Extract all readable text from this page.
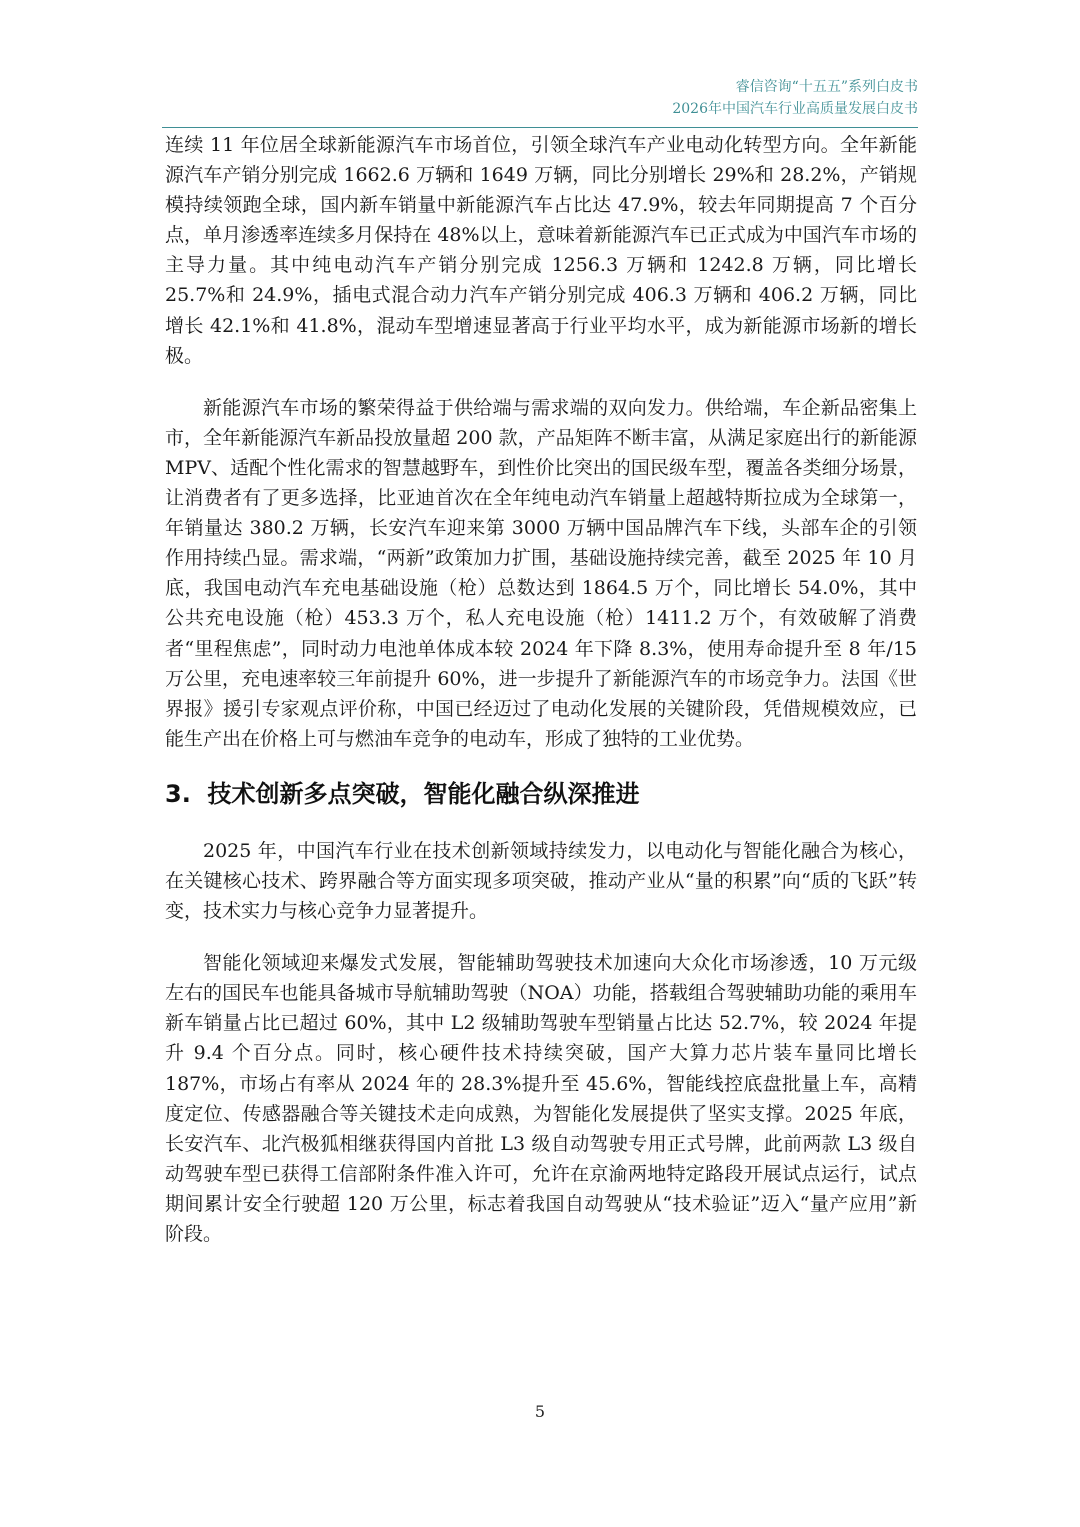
睿信咨询“十五五”系列白皮书
2026年中国汽车行业高质量发展白皮书

连续 11 年位居全球新能源汽车市场首位，引领全球汽车产业电动化转型方向。全年新能源汽车产销分别完成 1662.6 万辆和 1649 万辆，同比分别增长 29%和 28.2%，产销规模持续领跑全球，国内新车销量中新能源汽车占比达 47.9%，较去年同期提高 7 个百分点，单月渗透率连续多月保持在 48%以上，意味着新能源汽车已正式成为中国汽车市场的主导力量。其中纯电动汽车产销分别完成 1256.3 万辆和 1242.8 万辆，同比增长 25.7%和 24.9%，插电式混合动力汽车产销分别完成 406.3 万辆和 406.2 万辆，同比增长 42.1%和 41.8%，混动车型增速显著高于行业平均水平，成为新能源市场新的增长极。

新能源汽车市场的繁荣得益于供给端与需求端的双向发力。供给端，车企新品密集上市，全年新能源汽车新品投放量超 200 款，产品矩阵不断丰富，从满足家庭出行的新能源 MPV、适配个性化需求的智慧越野车，到性价比突出的国民级车型，覆盖各类细分场景，让消费者有了更多选择，比亚迪首次在全年纯电动汽车销量上超越特斯拉成为全球第一，年销量达 380.2 万辆，长安汽车迎来第 3000 万辆中国品牌汽车下线，头部车企的引领作用持续凸显。需求端，“两新”政策加力扩围，基础设施持续完善，截至 2025 年 10 月底，我国电动汽车充电基础设施（枪）总数达到 1864.5 万个，同比增长 54.0%，其中公共充电设施（枪）453.3 万个，私人充电设施（枪）1411.2 万个，有效破解了消费者“里程焦虑”，同时动力电池单体成本较 2024 年下降 8.3%，使用寿命提升至 8 年/15 万公里，充电速率较三年前提升 60%，进一步提升了新能源汽车的市场竞争力。法国《世界报》援引专家观点评价称，中国已经迈过了电动化发展的关键阶段，凭借规模效应，已能生产出在价格上可与燃油车竞争的电动车，形成了独特的工业优势。

3. 技术创新多点突破，智能化融合纵深推进

2025 年，中国汽车行业在技术创新领域持续发力，以电动化与智能化融合为核心，在关键核心技术、跨界融合等方面实现多项突破，推动产业从“量的积累”向“质的飞跃”转变，技术实力与核心竞争力显著提升。

智能化领域迎来爆发式发展，智能辅助驾驶技术加速向大众化市场渗透，10 万元级左右的国民车也能具备城市导航辅助驾驶（NOA）功能，搭载组合驾驶辅助功能的乘用车新车销量占比已超过 60%，其中 L2 级辅助驾驶车型销量占比达 52.7%，较 2024 年提升 9.4 个百分点。同时，核心硬件技术持续突破，国产大算力芯片装车量同比增长 187%，市场占有率从 2024 年的 28.3%提升至 45.6%，智能线控底盘批量上车，高精度定位、传感器融合等关键技术走向成熟，为智能化发展提供了坚实支撑。2025 年底，长安汽车、北汽极狐相继获得国内首批 L3 级自动驾驶专用正式号牌，此前两款 L3 级自动驾驶车型已获得工信部附条件准入许可，允许在京渝两地特定路段开展试点运行，试点期间累计安全行驶超 120 万公里，标志着我国自动驾驶从“技术验证”迈入“量产应用”新阶段。

5
